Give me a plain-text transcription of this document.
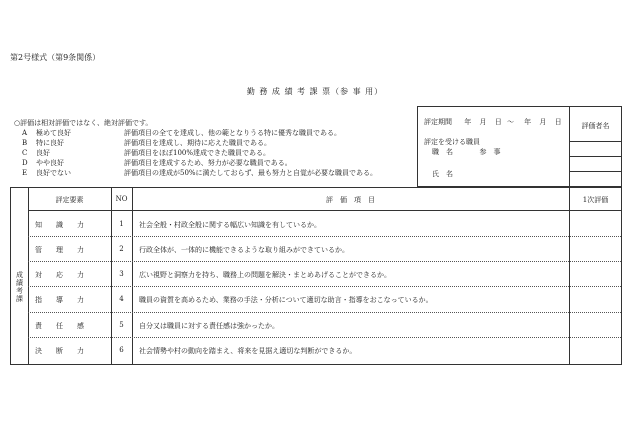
第2号様式（第9条関係）
勤 務 成 績 考 課 票（参 事 用）
○評価は相対評価ではなく、絶対評価です。
A 極めて良好	評価項目の全てを達成し、他の範となりうる特に優秀な職員である。
B 特に良好	評価項目を達成し、期待に応えた職員である。
C 良好	評価項目をほぼ100%達成できた職員である。
D やや良好	評価項目を達成するため、努力が必要な職員である。
E 良好でない	評価項目の達成が50%に満たしておらず、最も努力と自覚が必要な職員である。
評定期間 年 月 日 〜 年 月 日
評定を受ける職員
職　名	参　事
氏　名
評価者名
成績考課
評定要素	NO	評　価　項　目	1次評価
知　　識　　力	1	社会全般・村政全般に関する幅広い知識を有しているか。
管　　理　　力	2	行政全体が、一体的に機能できるような取り組みができているか。
対　　応　　力	3	広い視野と洞察力を持ち、職務上の問題を解決・まとめあげることができるか。
指　　導　　力	4	職員の資質を高めるため、業務の手法・分析について適切な助言・指導をおこなっているか。
責　　任　　感	5	自分又は職員に対する責任感は強かったか。
決　　断　　力	6	社会情勢や村の動向を踏まえ、将来を見据え適切な判断ができるか。
